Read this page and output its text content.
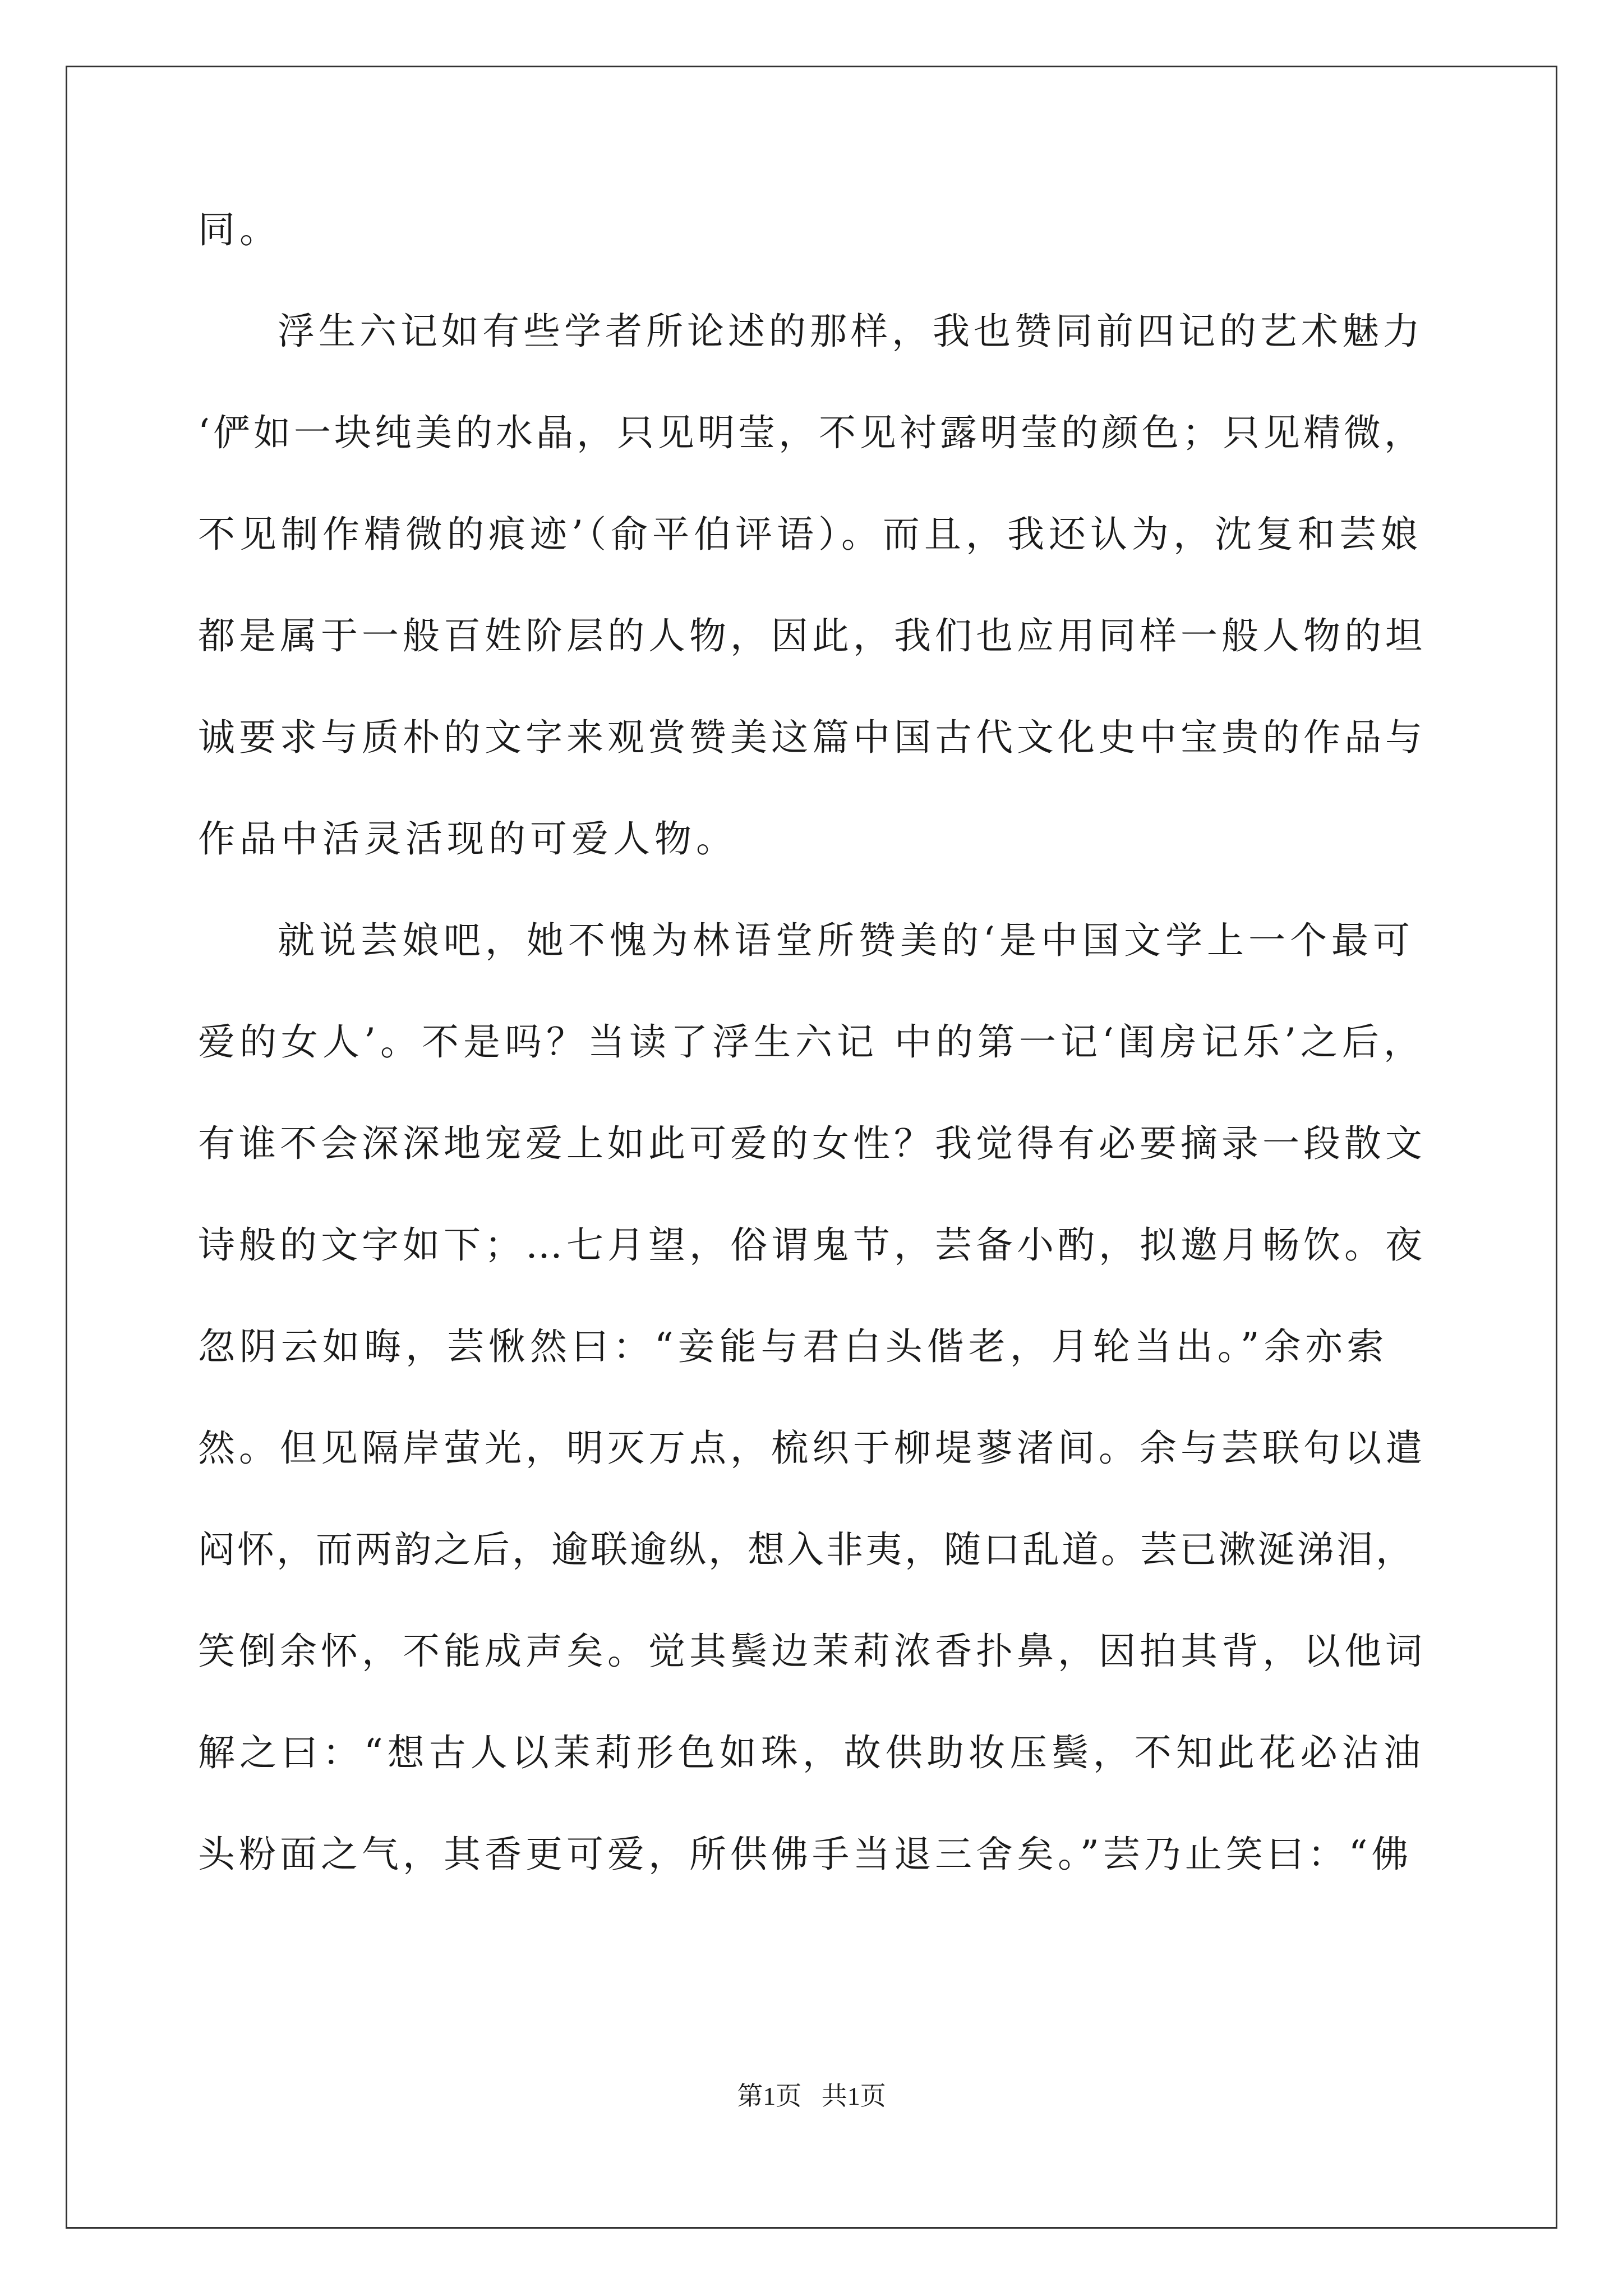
同。
浮生六记如有些学者所论述的那样，我也赞同前四记的艺术魅力
‘俨如一块纯美的水晶，只见明莹，不见衬露明莹的颜色；只见精微，
不见制作精微的痕迹’（俞平伯评语）。而且，我还认为，沈复和芸娘
都是属于一般百姓阶层的人物，因此，我们也应用同样一般人物的坦
诚要求与质朴的文字来观赏赞美这篇中国古代文化史中宝贵的作品与
作品中活灵活现的可爱人物。
就说芸娘吧，她不愧为林语堂所赞美的‘是中国文学上一个最可
爱的女人’。不是吗？当读了浮生六记 中的第一记‘闺房记乐’之后，
有谁不会深深地宠爱上如此可爱的女性？我觉得有必要摘录一段散文
诗般的文字如下；…七月望，俗谓鬼节，芸备小酌，拟邀月畅饮。夜
忽阴云如晦，芸愀然曰：“妾能与君白头偕老，月轮当出。”余亦索
然。但见隔岸萤光，明灭万点，梳织于柳堤蓼渚间。余与芸联句以遣
闷怀，而两韵之后，逾联逾纵，想入非夷，随口乱道。芸已漱涎涕泪，
笑倒余怀，不能成声矣。觉其鬓边茉莉浓香扑鼻，因拍其背，以他词
解之曰：“想古人以茉莉形色如珠，故供助妆压鬓，不知此花必沾油
头粉面之气，其香更可爱，所供佛手当退三舍矣。”芸乃止笑曰：“佛
第1页 共1页
